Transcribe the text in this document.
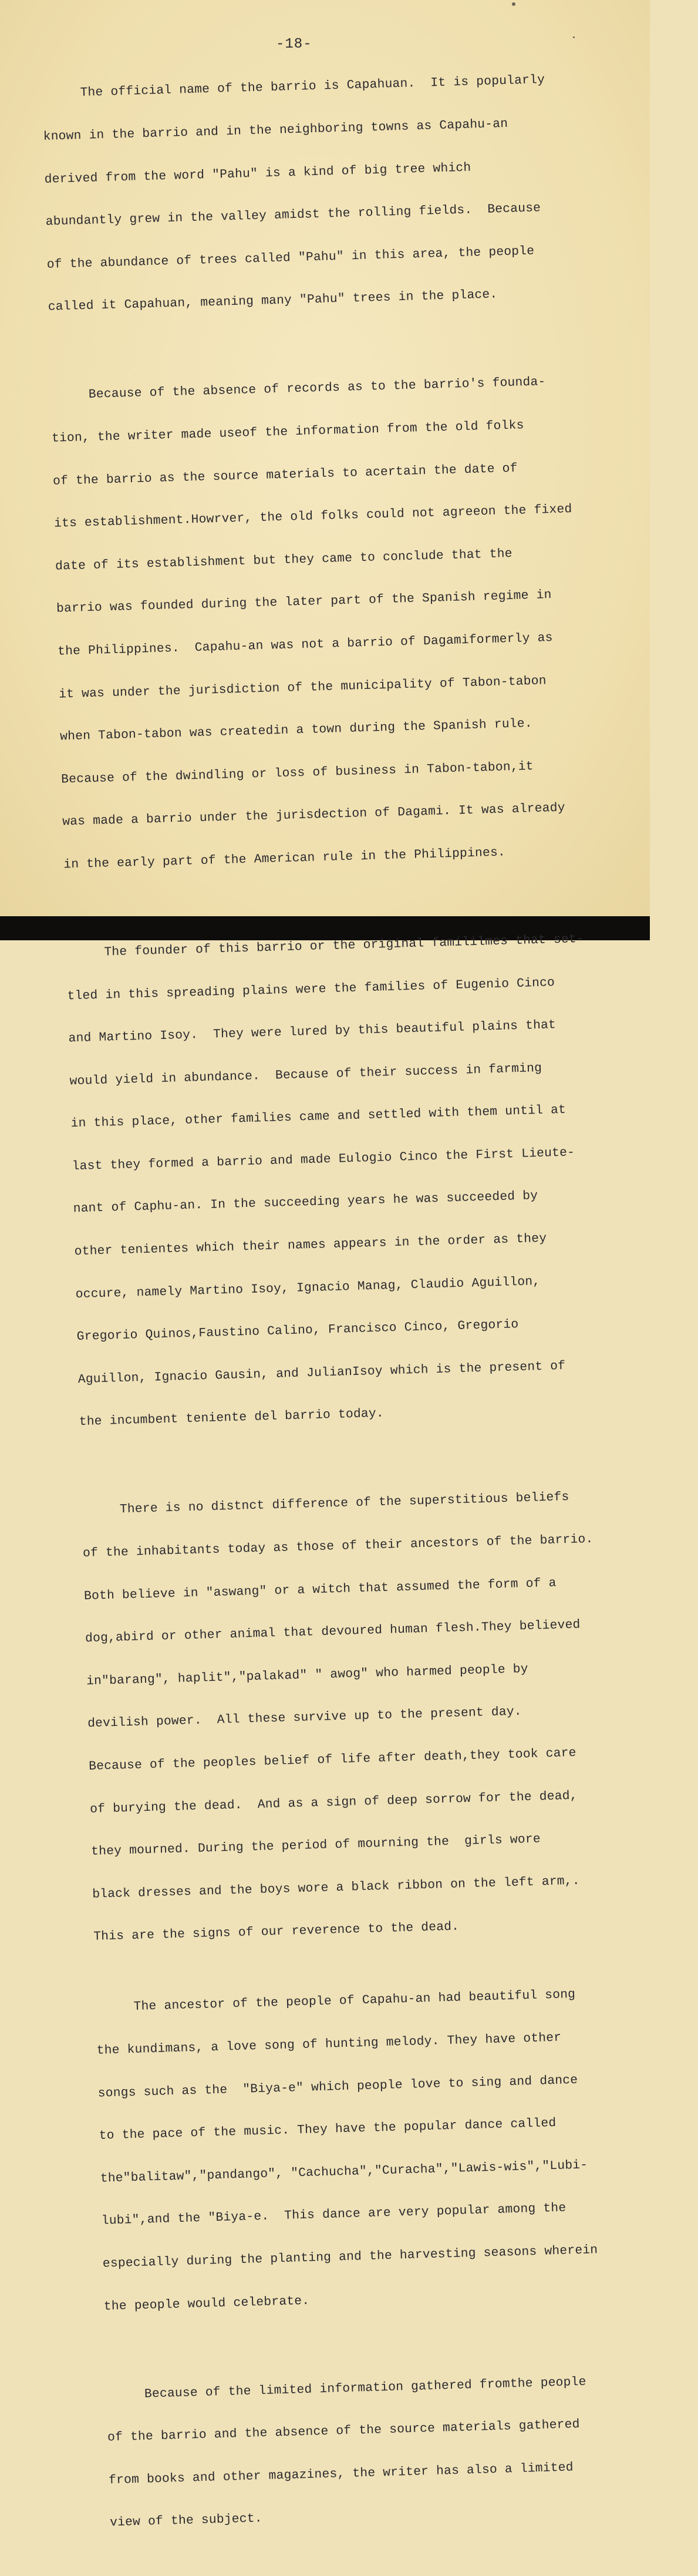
-18-

The official name of the barrio is Capahuan.  It is popularly

known in the barrio and in the neighboring towns as Capahu-an

derived from the word "Pahu" is a kind of big tree which

abundantly grew in the valley amidst the rolling fields.  Because

of the abundance of trees called "Pahu" in this area, the people

called it Capahuan, meaning many "Pahu" trees in the place.

Because of the absence of records as to the barrio's founda-

tion, the writer made useof the information from the old folks

of the barrio as the source materials to acertain the date of

its establishment.Howrver, the old folks could not agreeon the fixed

date of its establishment but they came to conclude that the

barrio was founded during the later part of the Spanish regime in

the Philippines.  Capahu-an was not a barrio of Dagamiformerly as

it was under the jurisdiction of the municipality of Tabon-tabon

when Tabon-tabon was createdin a town during the Spanish rule.

Because of the dwindling or loss of business in Tabon-tabon,it

was made a barrio under the jurisdection of Dagami. It was already

in the early part of the American rule in the Philippines.

The founder of this barrio or the original famililmes that set-

tled in this spreading plains were the families of Eugenio Cinco

and Martino Isoy.  They were lured by this beautiful plains that

would yield in abundance.  Because of their success in farming

in this place, other families came and settled with them until at

last they formed a barrio and made Eulogio Cinco the First Lieute-

nant of Caphu-an. In the succeeding years he was succeeded by

other tenientes which their names appears in the order as they

occure, namely Martino Isoy, Ignacio Manag, Claudio Aguillon,

Gregorio Quinos,Faustino Calino, Francisco Cinco, Gregorio

Aguillon, Ignacio Gausin, and JulianIsoy which is the present of

the incumbent teniente del barrio today.

There is no distnct difference of the superstitious beliefs

of the inhabitants today as those of their ancestors of the barrio.

Both believe in "aswang" or a witch that assumed the form of a

dog,abird or other animal that devoured human flesh.They believed

in"barang", haplit","palakad" " awog" who harmed people by

devilish power.  All these survive up to the present day.

Because of the peoples belief of life after death,they took care

of burying the dead.  And as a sign of deep sorrow for the dead,

they mourned. During the period of mourning the  girls wore

black dresses and the boys wore a black ribbon on the left arm,.

This are the signs of our reverence to the dead.

The ancestor of the people of Capahu-an had beautiful song

the kundimans, a love song of hunting melody. They have other

songs such as the  "Biya-e" which people love to sing and dance

to the pace of the music. They have the popular dance called

the"balitaw","pandango", "Cachucha","Curacha","Lawis-wis","Lubi-

lubi",and the "Biya-e.  This dance are very popular among the

especially during the planting and the harvesting seasons wherein

the people would celebrate.

Because of the limited information gathered fromthe people

of the barrio and the absence of the source materials gathered

from books and other magazines, the writer has also a limited

view of the subject.
